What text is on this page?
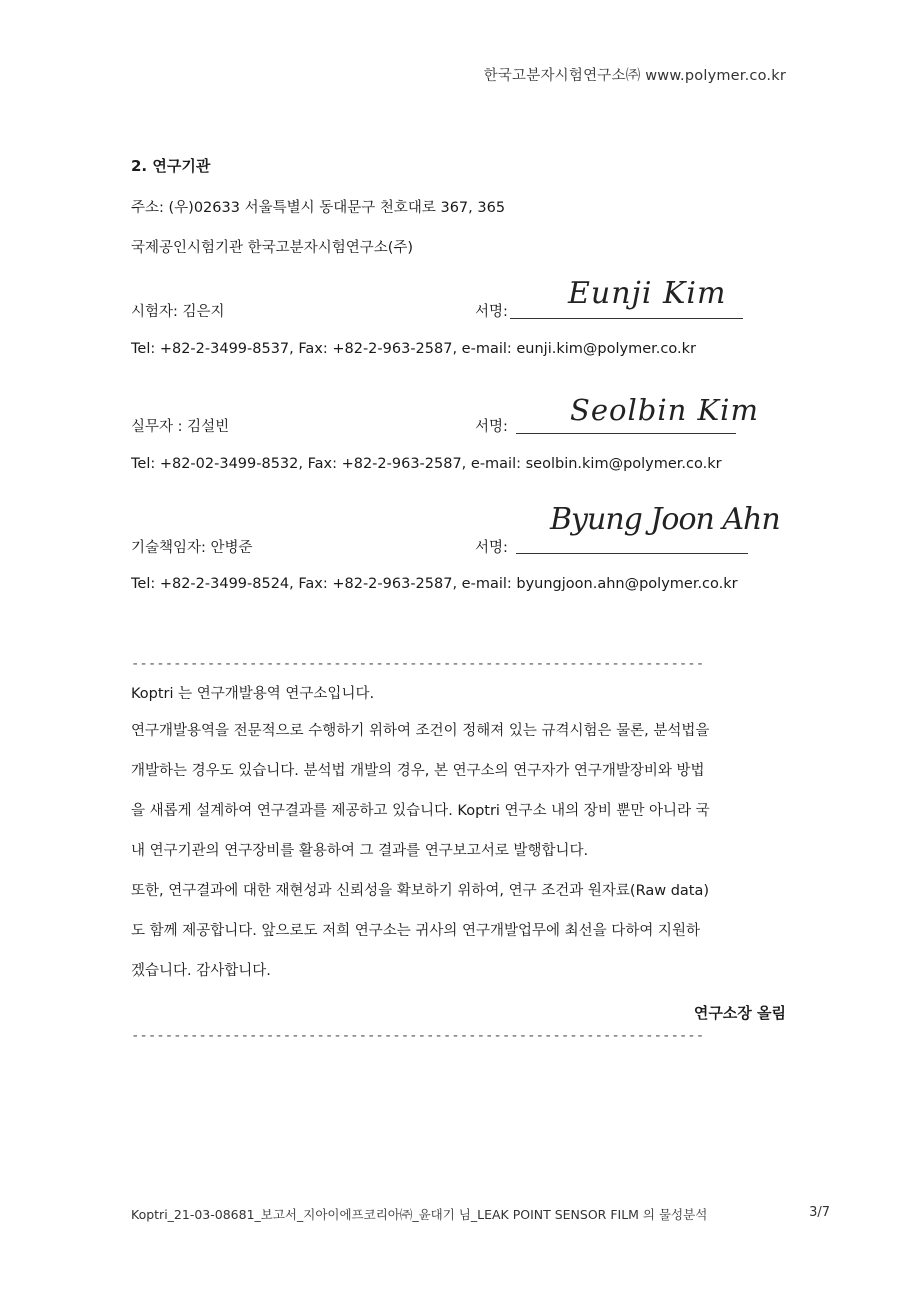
한국고분자시험연구소㈜ www.polymer.co.kr
2. 연구기관
주소: (우)02633 서울특별시 동대문구 천호대로 367, 365
국제공인시험기관 한국고분자시험연구소(주)
시험자: 김은지	서명:
Eunji Kim
Tel: +82-2-3499-8537, Fax: +82-2-963-2587, e-mail: eunji.kim@polymer.co.kr
실무자 : 김설빈	서명: Seolbin Kim
Tel: +82-02-3499-8532, Fax: +82-2-963-2587, e-mail: seolbin.kim@polymer.co.kr
기술책임자: 안병준	서명:
Byung Joon Ahn
Tel: +82-2-3499-8524, Fax: +82-2-963-2587, e-mail: byungjoon.ahn@polymer.co.kr
--------------------------------------------------------------------
Koptri 는 연구개발용역 연구소입니다.
연구개발용역을 전문적으로 수행하기 위하여 조건이 정해져 있는 규격시험은 물론, 분석법을
개발하는 경우도 있습니다. 분석법 개발의 경우, 본 연구소의 연구자가 연구개발장비와 방법
을 새롭게 설계하여 연구결과를 제공하고 있습니다. Koptri 연구소 내의 장비 뿐만 아니라 국
내 연구기관의 연구장비를 활용하여 그 결과를 연구보고서로 발행합니다.
또한, 연구결과에 대한 재현성과 신뢰성을 확보하기 위하여, 연구 조건과 원자료(Raw data)
도 함께 제공합니다. 앞으로도 저희 연구소는 귀사의 연구개발업무에 최선을 다하여 지원하
겠습니다. 감사합니다.
연구소장 올림
--------------------------------------------------------------------
Koptri_21-03-08681_보고서_지아이에프코리아㈜_윤대기 님_LEAK POINT SENSOR FILM 의 물성분석	3/7
